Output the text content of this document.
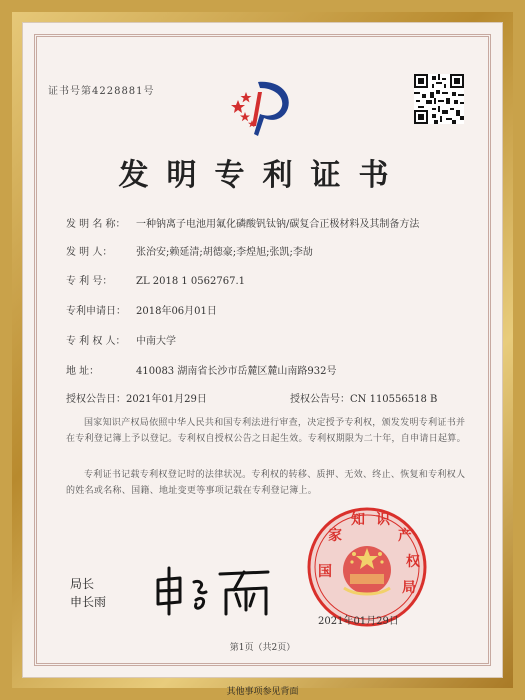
证书号第4228881号
发明专利证书
发 明 名 称： 一种钠离子电池用氟化磷酸钒钛钠/碳复合正极材料及其制备方法
发 明 人： 张治安;赖延清;胡德豪;李煌旭;张凯;李劼
专 利 号： ZL 2018 1 0562767.1
专利申请日： 2018年06月01日
专 利 权 人： 中南大学
地 址：	410083 湖南省长沙市岳麓区麓山南路932号
授权公告日：2021年01月29日	授权公告号：CN 110556518 B
国家知识产权局依照中华人民共和国专利法进行审查，决定授予专利权，颁发发明专利证书并在专利登记簿上予以登记。专利权自授权公告之日起生效。专利权期限为二十年，自申请日起算。
专利证书记载专利权登记时的法律状况。专利权的转移、质押、无效、终止、恢复和专利权人的姓名或名称、国籍、地址变更等事项记载在专利登记簿上。
局长
申长雨
国
家
知 识
产
权
局
2021年01月29日
第1页（共2页）
其他事项参见背面
